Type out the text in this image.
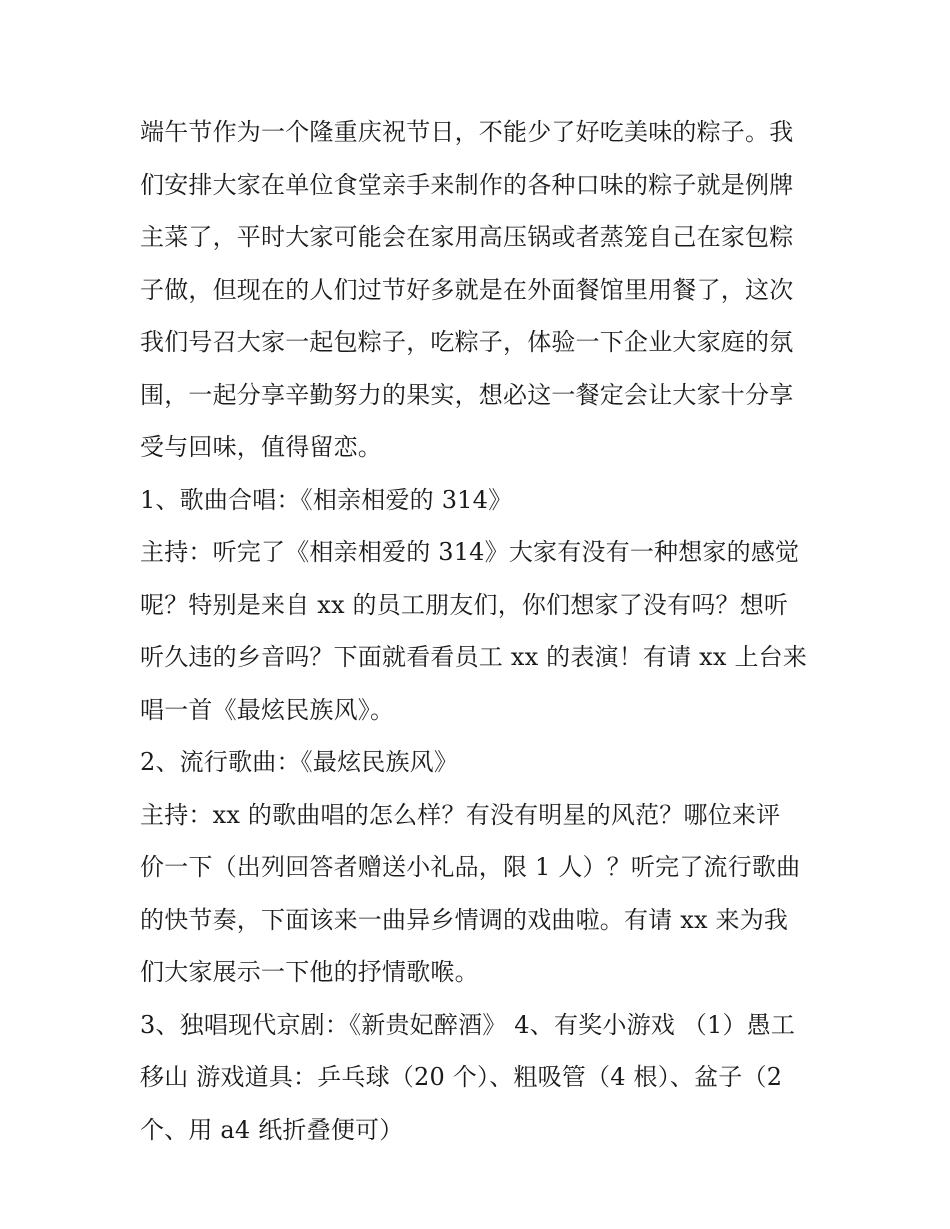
端午节作为一个隆重庆祝节日，不能少了好吃美味的粽子。我
们安排大家在单位食堂亲手来制作的各种口味的粽子就是例牌
主菜了，平时大家可能会在家用高压锅或者蒸笼自己在家包粽
子做，但现在的人们过节好多就是在外面餐馆里用餐了，这次
我们号召大家一起包粽子，吃粽子，体验一下企业大家庭的氛
围，一起分享辛勤努力的果实，想必这一餐定会让大家十分享
受与回味，值得留恋。
1、歌曲合唱：《相亲相爱的 314》
主持：听完了《相亲相爱的 314》大家有没有一种想家的感觉
呢？特别是来自 xx 的员工朋友们，你们想家了没有吗？想听
听久违的乡音吗？下面就看看员工 xx 的表演！有请 xx 上台来
唱一首《最炫民族风》。
2、流行歌曲：《最炫民族风》
主持：xx 的歌曲唱的怎么样？有没有明星的风范？哪位来评
价一下（出列回答者赠送小礼品，限 1 人）？听完了流行歌曲
的快节奏，下面该来一曲异乡情调的戏曲啦。有请 xx 来为我
们大家展示一下他的抒情歌喉。
3、独唱现代京剧：《新贵妃醉酒》 4、有奖小游戏 （1）愚工
移山 游戏道具：乒乓球（20 个）、粗吸管（4 根）、盆子（2
个、用 a4 纸折叠便可）
